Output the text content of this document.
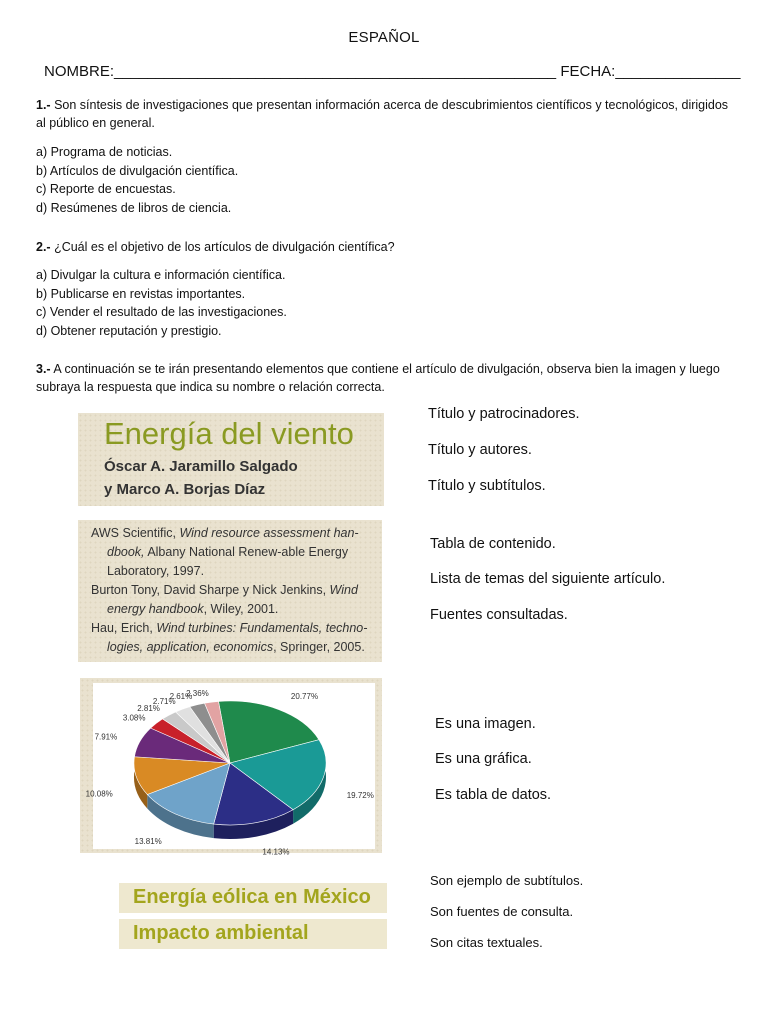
ESPAÑOL
NOMBRE:_____________________________________________________ FECHA:_______________
1.- Son síntesis de investigaciones que presentan información acerca de descubrimientos científicos y tecnológicos, dirigidos al público en general.
a) Programa de noticias.
b) Artículos de divulgación científica.
c) Reporte de encuestas.
d) Resúmenes de libros de ciencia.
2.- ¿Cuál es el objetivo de los artículos de divulgación científica?
a) Divulgar la cultura e información científica.
b) Publicarse en revistas importantes.
c) Vender el resultado de las investigaciones.
d) Obtener reputación y prestigio.
3.- A continuación se te irán presentando elementos que contiene el artículo de divulgación, observa bien la imagen y luego subraya la respuesta que indica su nombre o relación correcta.
Energía del viento
Óscar A. Jaramillo Salgado
y Marco A. Borjas Díaz
Título y patrocinadores.
Título y autores.
Título y subtítulos.
AWS Scientific, Wind resource assessment han-
dbook, Albany National Renew-able Energy
Laboratory, 1997.
Burton Tony, David Sharpe y Nick Jenkins, Wind
energy handbook, Wiley, 2001.
Hau, Erich, Wind turbines: Fundamentals, techno-
logies, application, economics, Springer, 2005.
Tabla de contenido.
Lista de temas del siguiente artículo.
Fuentes consultadas.
20.77%
19.72%
14.13%
13.81%
10.08%
7.91%
3.08%
2.81%
2.71%
2.61%
2.36%
Es una imagen.
Es una gráfica.
Es tabla de datos.
Energía eólica en México
Impacto ambiental
Son ejemplo de subtítulos.
Son fuentes de consulta.
Son citas textuales.
